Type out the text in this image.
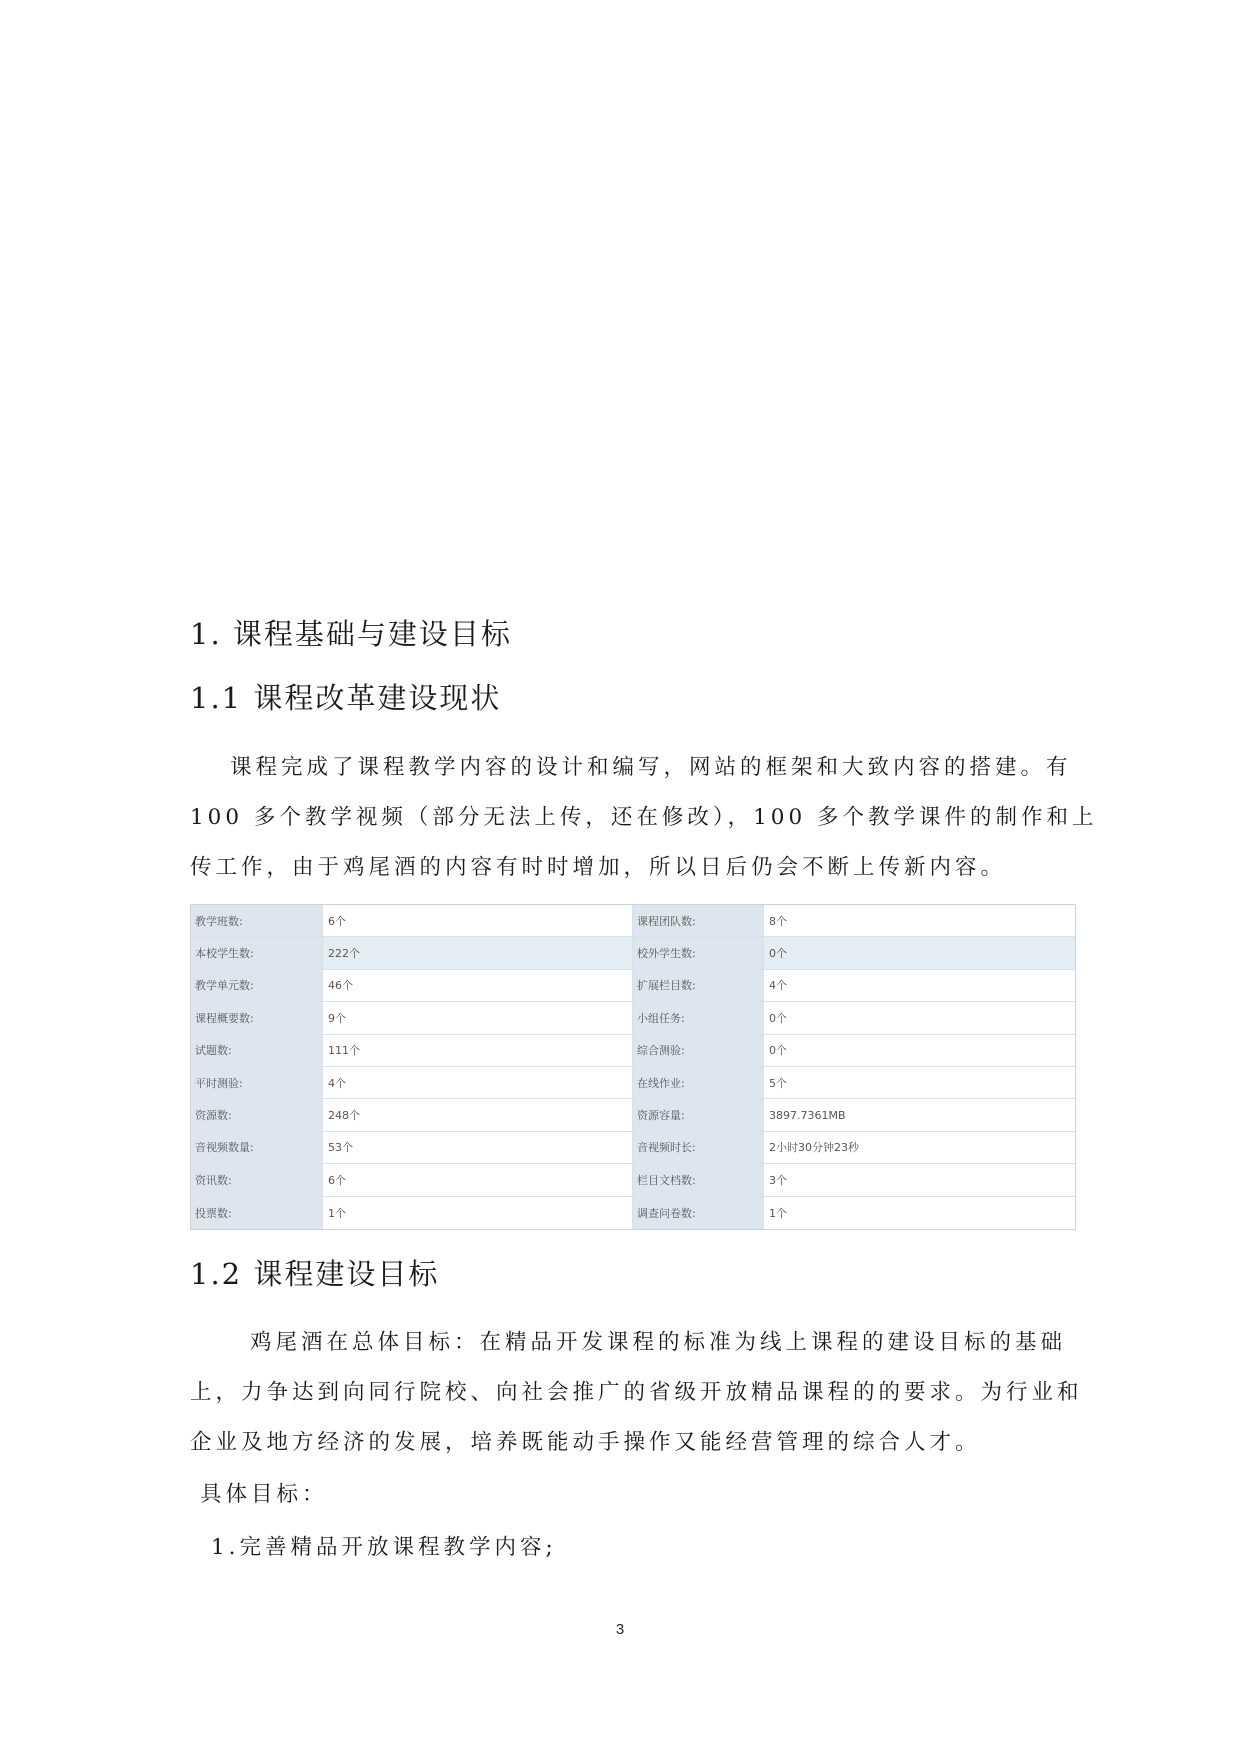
1. 课程基础与建设目标
1.1 课程改革建设现状
课程完成了课程教学内容的设计和编写，网站的框架和大致内容的搭建。有
100 多个教学视频（部分无法上传，还在修改），100 多个教学课件的制作和上
传工作，由于鸡尾酒的内容有时时增加，所以日后仍会不断上传新内容。
教学班数:	6个	课程团队数:	8个
本校学生数:	222个	校外学生数:	0个
教学单元数:	46个	扩展栏目数:	4个
课程概要数:	9个	小组任务:	0个
试题数:	111个	综合测验:	0个
平时测验:	4个	在线作业:	5个
资源数:	248个	资源容量:	3897.7361MB
音视频数量:	53个	音视频时长:	2小时30分钟23秒
资讯数:	6个	栏目文档数:	3个
投票数:	1个	调查问卷数:	1个
1.2 课程建设目标
鸡尾酒在总体目标：在精品开发课程的标准为线上课程的建设目标的基础
上，力争达到向同行院校、向社会推广的省级开放精品课程的的要求。为行业和
企业及地方经济的发展，培养既能动手操作又能经营管理的综合人才。
具体目标：
1.完善精品开放课程教学内容;
3
